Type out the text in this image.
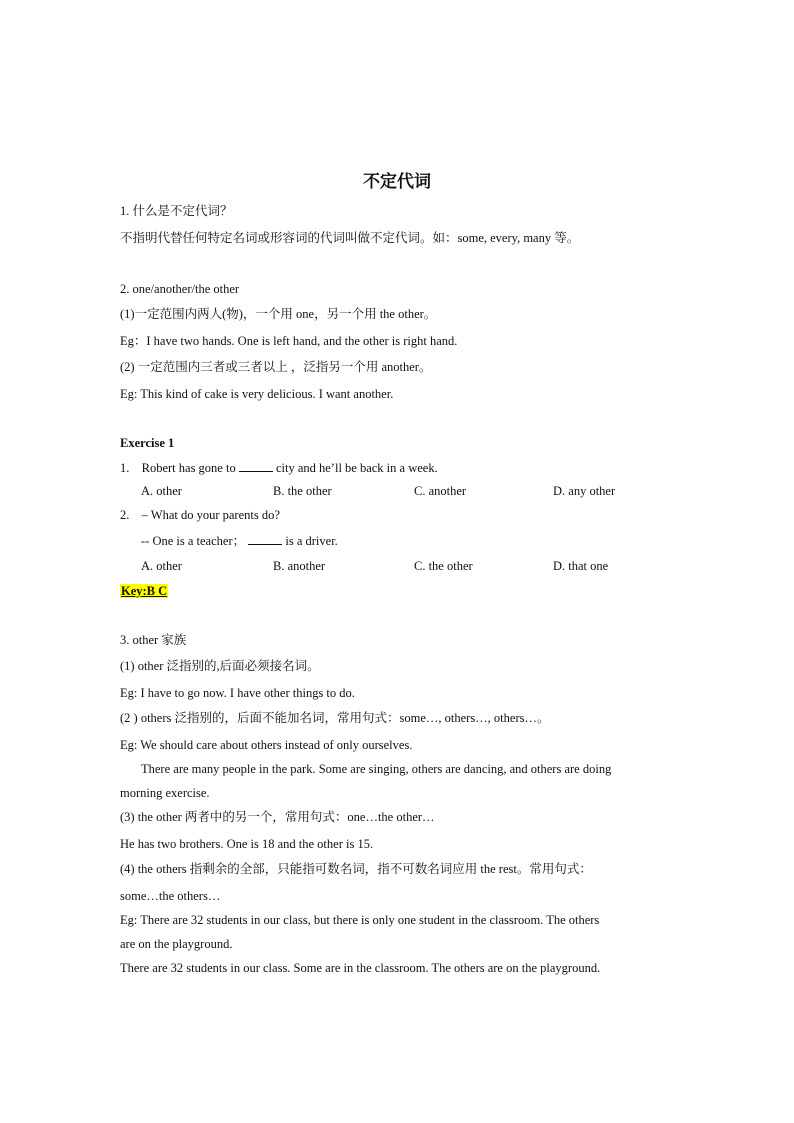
不定代词
1. 什么是不定代词？
不指明代替任何特定名词或形容词的代词叫做不定代词。如：some, every, many 等。
2. one/another/the other
(1)一定范围内两人(物)，一个用 one，另一个用 the other。
Eg：I have two hands. One is left hand, and the other is right hand.
(2) 一定范围内三者或三者以上 ，泛指另一个用 another。
Eg: This kind of cake is very delicious. I want another.
Exercise 1
1. Robert has gone to	city and he’ll be back in a week.
A. other	B. the other	C. another	D. any other
2. – What do your parents do?
-- One is a teacher；	is a driver.
A. other	B. another	C. the other	D. that one
Key:B C
3. other 家族
(1) other 泛指别的,后面必须接名词。
Eg: I have to go now. I have other things to do.
(2 ) others 泛指别的，后面不能加名词，常用句式：some…, others…, others…。
Eg: We should care about others instead of only ourselves.
There are many people in the park. Some are singing, others are dancing, and others are doing
morning exercise.
(3) the other 两者中的另一个，常用句式：one…the other…
He has two brothers. One is 18 and the other is 15.
(4) the others 指剩余的全部，只能指可数名词，指不可数名词应用 the rest。常用句式：
some…the others…
Eg: There are 32 students in our class, but there is only one student in the classroom. The others
are on the playground.
There are 32 students in our class. Some are in the classroom. The others are on the playground.
